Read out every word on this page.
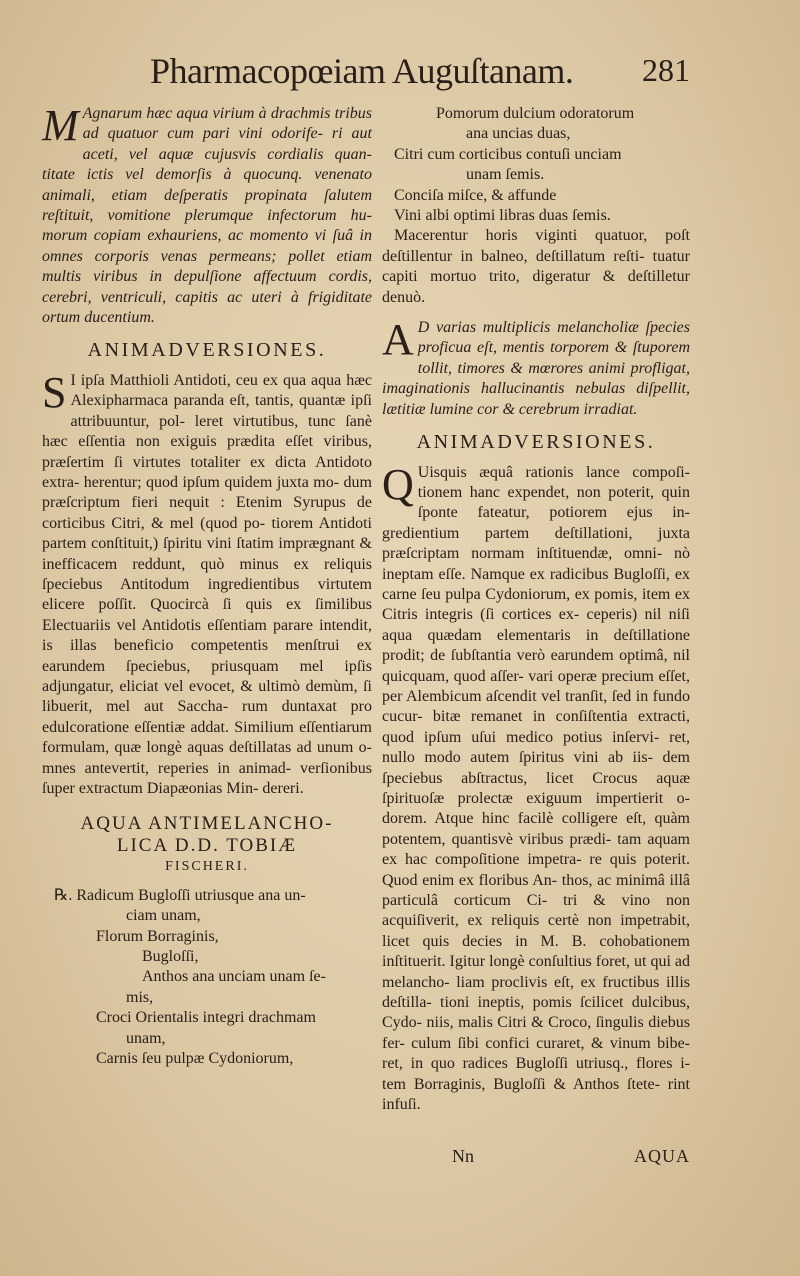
Pharmacopœiam Auguſtanam. 281

M Agnarum hæc aqua virium à drachmis tribus ad quatuor cum pari vini odorife- ri aut aceti, vel aquæ cujusvis cordialis quan- titate ictis vel demorſis à quocunq. venenato animali, etiam deſperatis propinata ſalutem reſtituit, vomitione plerumque infectorum hu- morum copiam exhauriens, ac momento vi ſuâ in omnes corporis venas permeans; pollet etiam multis viribus in depulſione affectuum cordis, cerebri, ventriculi, capitis ac uteri à frigiditate ortum ducentium.

ANIMADVERSIONES.

S I ipſa Matthioli Antidoti, ceu ex qua aqua hæc Alexipharmaca paranda eſt, tantis, quantæ ipſi attribuuntur, pol- leret virtutibus, tunc ſanè hæc eſſentia non exiguis prædita eſſet viribus, præſertim ſi virtutes totaliter ex dicta Antidoto extra- herentur; quod ipſum quidem juxta mo- dum præſcriptum fieri nequit : Etenim Syrupus de corticibus Citri, & mel (quod po- tiorem Antidoti partem conſtituit,) ſpiritu vini ſtatim imprægnant & inefficacem reddunt, quò minus ex reliquis ſpeciebus Antitodum ingredientibus virtutem elicere poſſit. Quocircà ſi quis ex ſimilibus Electuariis vel Antidotis eſſentiam parare intendit, is illas beneficio competentis menſtrui ex earundem ſpeciebus, priusquam mel ipſis adjungatur, eliciat vel evocet, & ultimò demùm, ſi libuerit, mel aut Saccha- rum duntaxat pro edulcoratione eſſentiæ addat. Similium eſſentiarum formulam, quæ longè aquas deſtillatas ad unum o- mnes antevertit, reperies in animad- verſionibus ſuper extractum Diapæonias Min- dereri.

AQUA ANTIMELANCHO-
LICA D.D. TOBIÆ
FISCHERI.

℞. Radicum Bugloſſi utriusque ana un-

ciam unam,

Florum Borraginis,

Bugloſſi,

Anthos ana unciam unam ſe-

mis,

Croci Orientalis integri drachmam

unam,

Carnis ſeu pulpæ Cydoniorum,

Pomorum dulcium odoratorum

ana uncias duas,

Citri cum corticibus contuſi unciam

unam ſemis.

Conciſa miſce, & affunde

Vini albi optimi libras duas ſemis.

Macerentur horis viginti quatuor, poſt deſtillentur in balneo, deſtillatum reſti- tuatur capiti mortuo trito, digeratur & deſtilletur denuò.

A D varias multiplicis melancholiæ ſpecies proficua eſt, mentis torporem & ſtuporem tollit, timores & mœrores animi profligat, imaginationis hallucinantis nebulas diſpellit, lætitiæ lumine cor & cerebrum irradiat.

ANIMADVERSIONES.

Q Uisquis æquâ rationis lance compoſi- tionem hanc expendet, non poterit, quin ſponte fateatur, potiorem ejus in- gredientium partem deſtillationi, juxta præſcriptam normam inſtituendæ, omni- nò ineptam eſſe. Namque ex radicibus Bugloſſi, ex carne ſeu pulpa Cydoniorum, ex pomis, item ex Citris integris (ſi cortices ex- ceperis) nil niſi aqua quædam elementaris in deſtillatione prodit; de ſubſtantia verò earundem optimâ, nil quicquam, quod aſſer- vari operæ precium eſſet, per Alembicum aſcendit vel tranſit, ſed in fundo cucur- bitæ remanet in conſiſtentia extracti, quod ipſum uſui medico potius inſervi- ret, nullo modo autem ſpiritus vini ab iis- dem ſpeciebus abſtractus, licet Crocus aquæ ſpirituoſæ prolectæ exiguum impertierit o- dorem. Atque hinc facilè colligere eſt, quàm potentem, quantisvè viribus prædi- tam aquam ex hac compoſitione impetra- re quis poterit. Quod enim ex floribus An- thos, ac minimâ illâ particulâ corticum Ci- tri & vino non acquiſiverit, ex reliquis certè non impetrabit, licet quis decies in M. B. cohobationem inſtituerit. Igitur longè conſultius foret, ut qui ad melancho- liam proclivis eſt, ex fructibus illis deſtilla- tioni ineptis, pomis ſcilicet dulcibus, Cydo- niis, malis Citri & Croco, ſingulis diebus fer- culum ſibi confici curaret, & vinum bibe- ret, in quo radices Bugloſſi utriusq., flores i- tem Borraginis, Bugloſſi & Anthos ſtete- rint infuſi.

Nn	AQUA
